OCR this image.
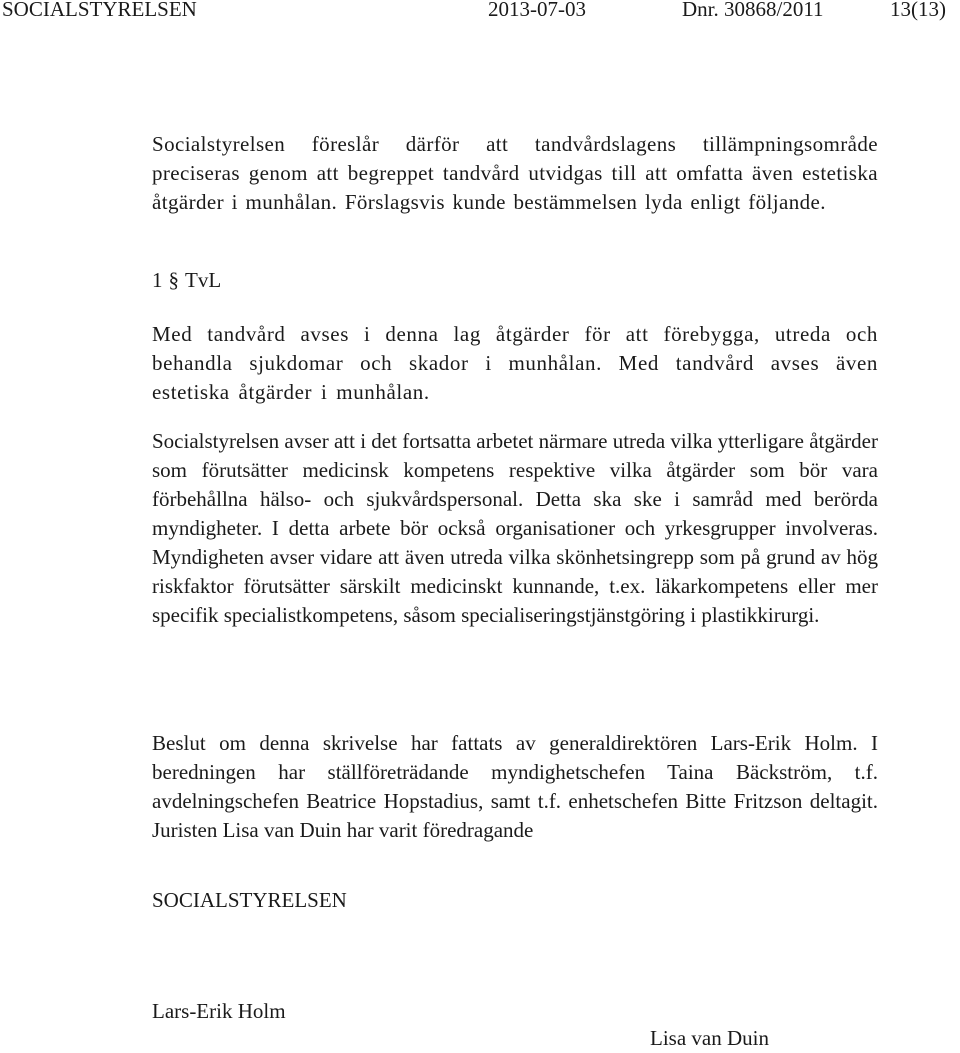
SOCIALSTYRELSEN	2013-07-03	Dnr. 30868/2011	13(13)

Socialstyrelsen föreslår därför att tandvårdslagens tillämpningsområde preciseras genom att begreppet tandvård utvidgas till att omfatta även estetiska åtgärder i munhålan. Förslagsvis kunde bestämmelsen lyda enligt följande.

1 § TvL

Med tandvård avses i denna lag åtgärder för att förebygga, utreda och behandla sjukdomar och skador i munhålan. Med tandvård avses även estetiska åtgärder i munhålan.

Socialstyrelsen avser att i det fortsatta arbetet närmare utreda vilka ytterligare åtgärder som förutsätter medicinsk kompetens respektive vilka åtgärder som bör vara förbehållna hälso- och sjukvårdspersonal. Detta ska ske i samråd med berörda myndigheter. I detta arbete bör också organisationer och yrkesgrupper involveras. Myndigheten avser vidare att även utreda vilka skönhetsingrepp som på grund av hög riskfaktor förutsätter särskilt medicinskt kunnande, t.ex. läkarkompetens eller mer specifik specialistkompetens, såsom specialiseringstjänstgöring i plastikkirurgi.

Beslut om denna skrivelse har fattats av generaldirektören Lars-Erik Holm. I beredningen har ställföreträdande myndighetschefen Taina Bäckström, t.f. avdelningschefen Beatrice Hopstadius, samt t.f. enhetschefen Bitte Fritzson deltagit. Juristen Lisa van Duin har varit föredragande

SOCIALSTYRELSEN

Lars-Erik Holm

Lisa van Duin
